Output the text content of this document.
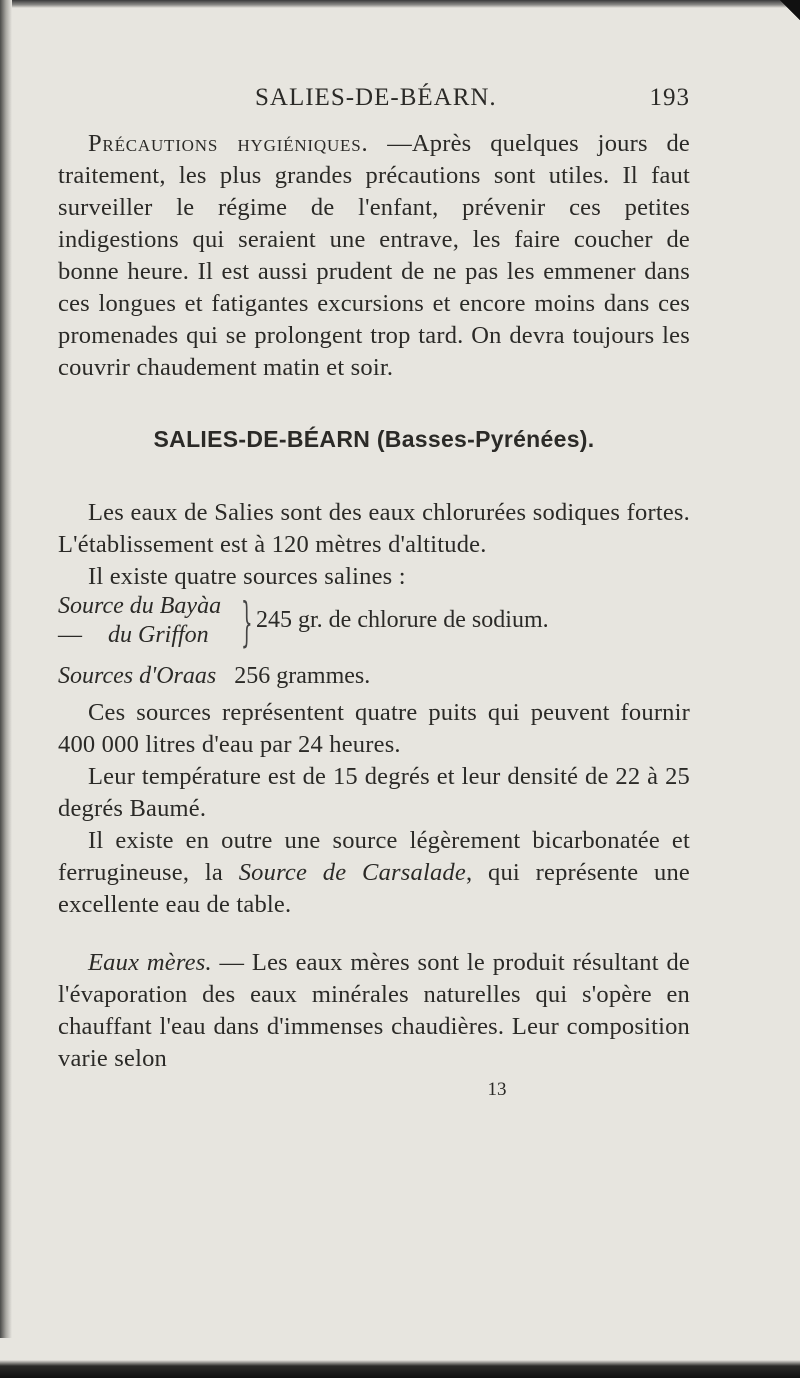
SALIES-DE-BÉARN.	193

Précautions hygiéniques. —Après quelques jours de traitement, les plus grandes précautions sont utiles. Il faut surveiller le régime de l'enfant, prévenir ces petites indigestions qui seraient une entrave, les faire coucher de bonne heure. Il est aussi prudent de ne pas les emmener dans ces longues et fatigantes excursions et encore moins dans ces promenades qui se prolongent trop tard. On devra toujours les couvrir chaudement matin et soir.

SALIES-DE-BÉARN (Basses-Pyrénées).

Les eaux de Salies sont des eaux chlorurées sodiques fortes. L'établissement est à 120 mètres d'altitude.

Il existe quatre sources salines :

Source du Bayàa
— du Griffon } 245 gr. de chlorure de sodium.
Sources d'Oraas 256 grammes.

Ces sources représentent quatre puits qui peuvent fournir 400 000 litres d'eau par 24 heures.

Leur température est de 15 degrés et leur densité de 22 à 25 degrés Baumé.

Il existe en outre une source légèrement bicarbonatée et ferrugineuse, la Source de Carsalade, qui représente une excellente eau de table.

Eaux mères. — Les eaux mères sont le produit résultant de l'évaporation des eaux minérales naturelles qui s'opère en chauffant l'eau dans d'immenses chaudières. Leur composition varie selon

13
